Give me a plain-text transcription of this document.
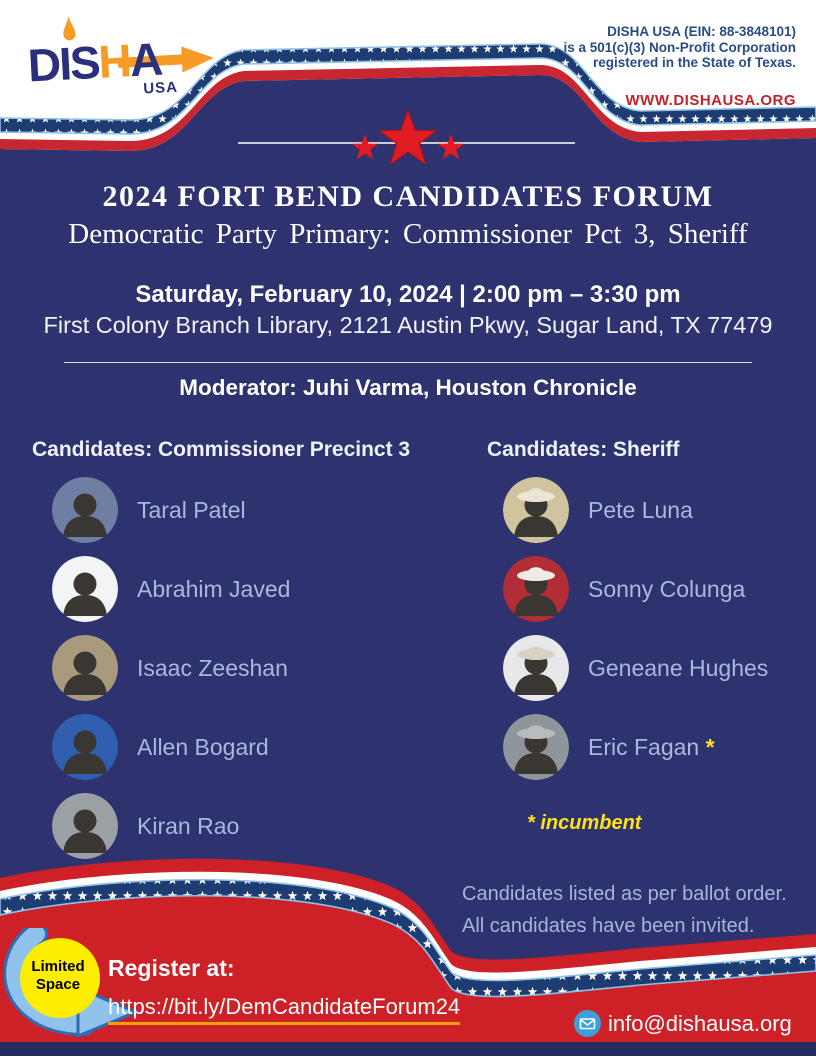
DISHA
USA
DISHA USA (EIN: 88-3848101)
is a 501(c)(3) Non-Profit Corporation
registered in the State of Texas.
WWW.DISHAUSA.ORG
2024 FORT BEND CANDIDATES FORUM
Democratic Party Primary: Commissioner Pct 3, Sheriff
Saturday, February 10, 2024 | 2:00 pm – 3:30 pm
First Colony Branch Library, 2121 Austin Pkwy, Sugar Land, TX 77479
Moderator: Juhi Varma, Houston Chronicle
Candidates: Commissioner Precinct 3	Candidates: Sheriff
Taral Patel
Abrahim Javed
Isaac Zeeshan
Allen Bogard
Kiran Rao
Pete Luna
Sonny Colunga
Geneane Hughes
Eric Fagan *
* incumbent
Candidates listed as per ballot order.
All candidates have been invited.
Limited
Space
Register at:
https://bit.ly/DemCandidateForum24
info@dishausa.org
